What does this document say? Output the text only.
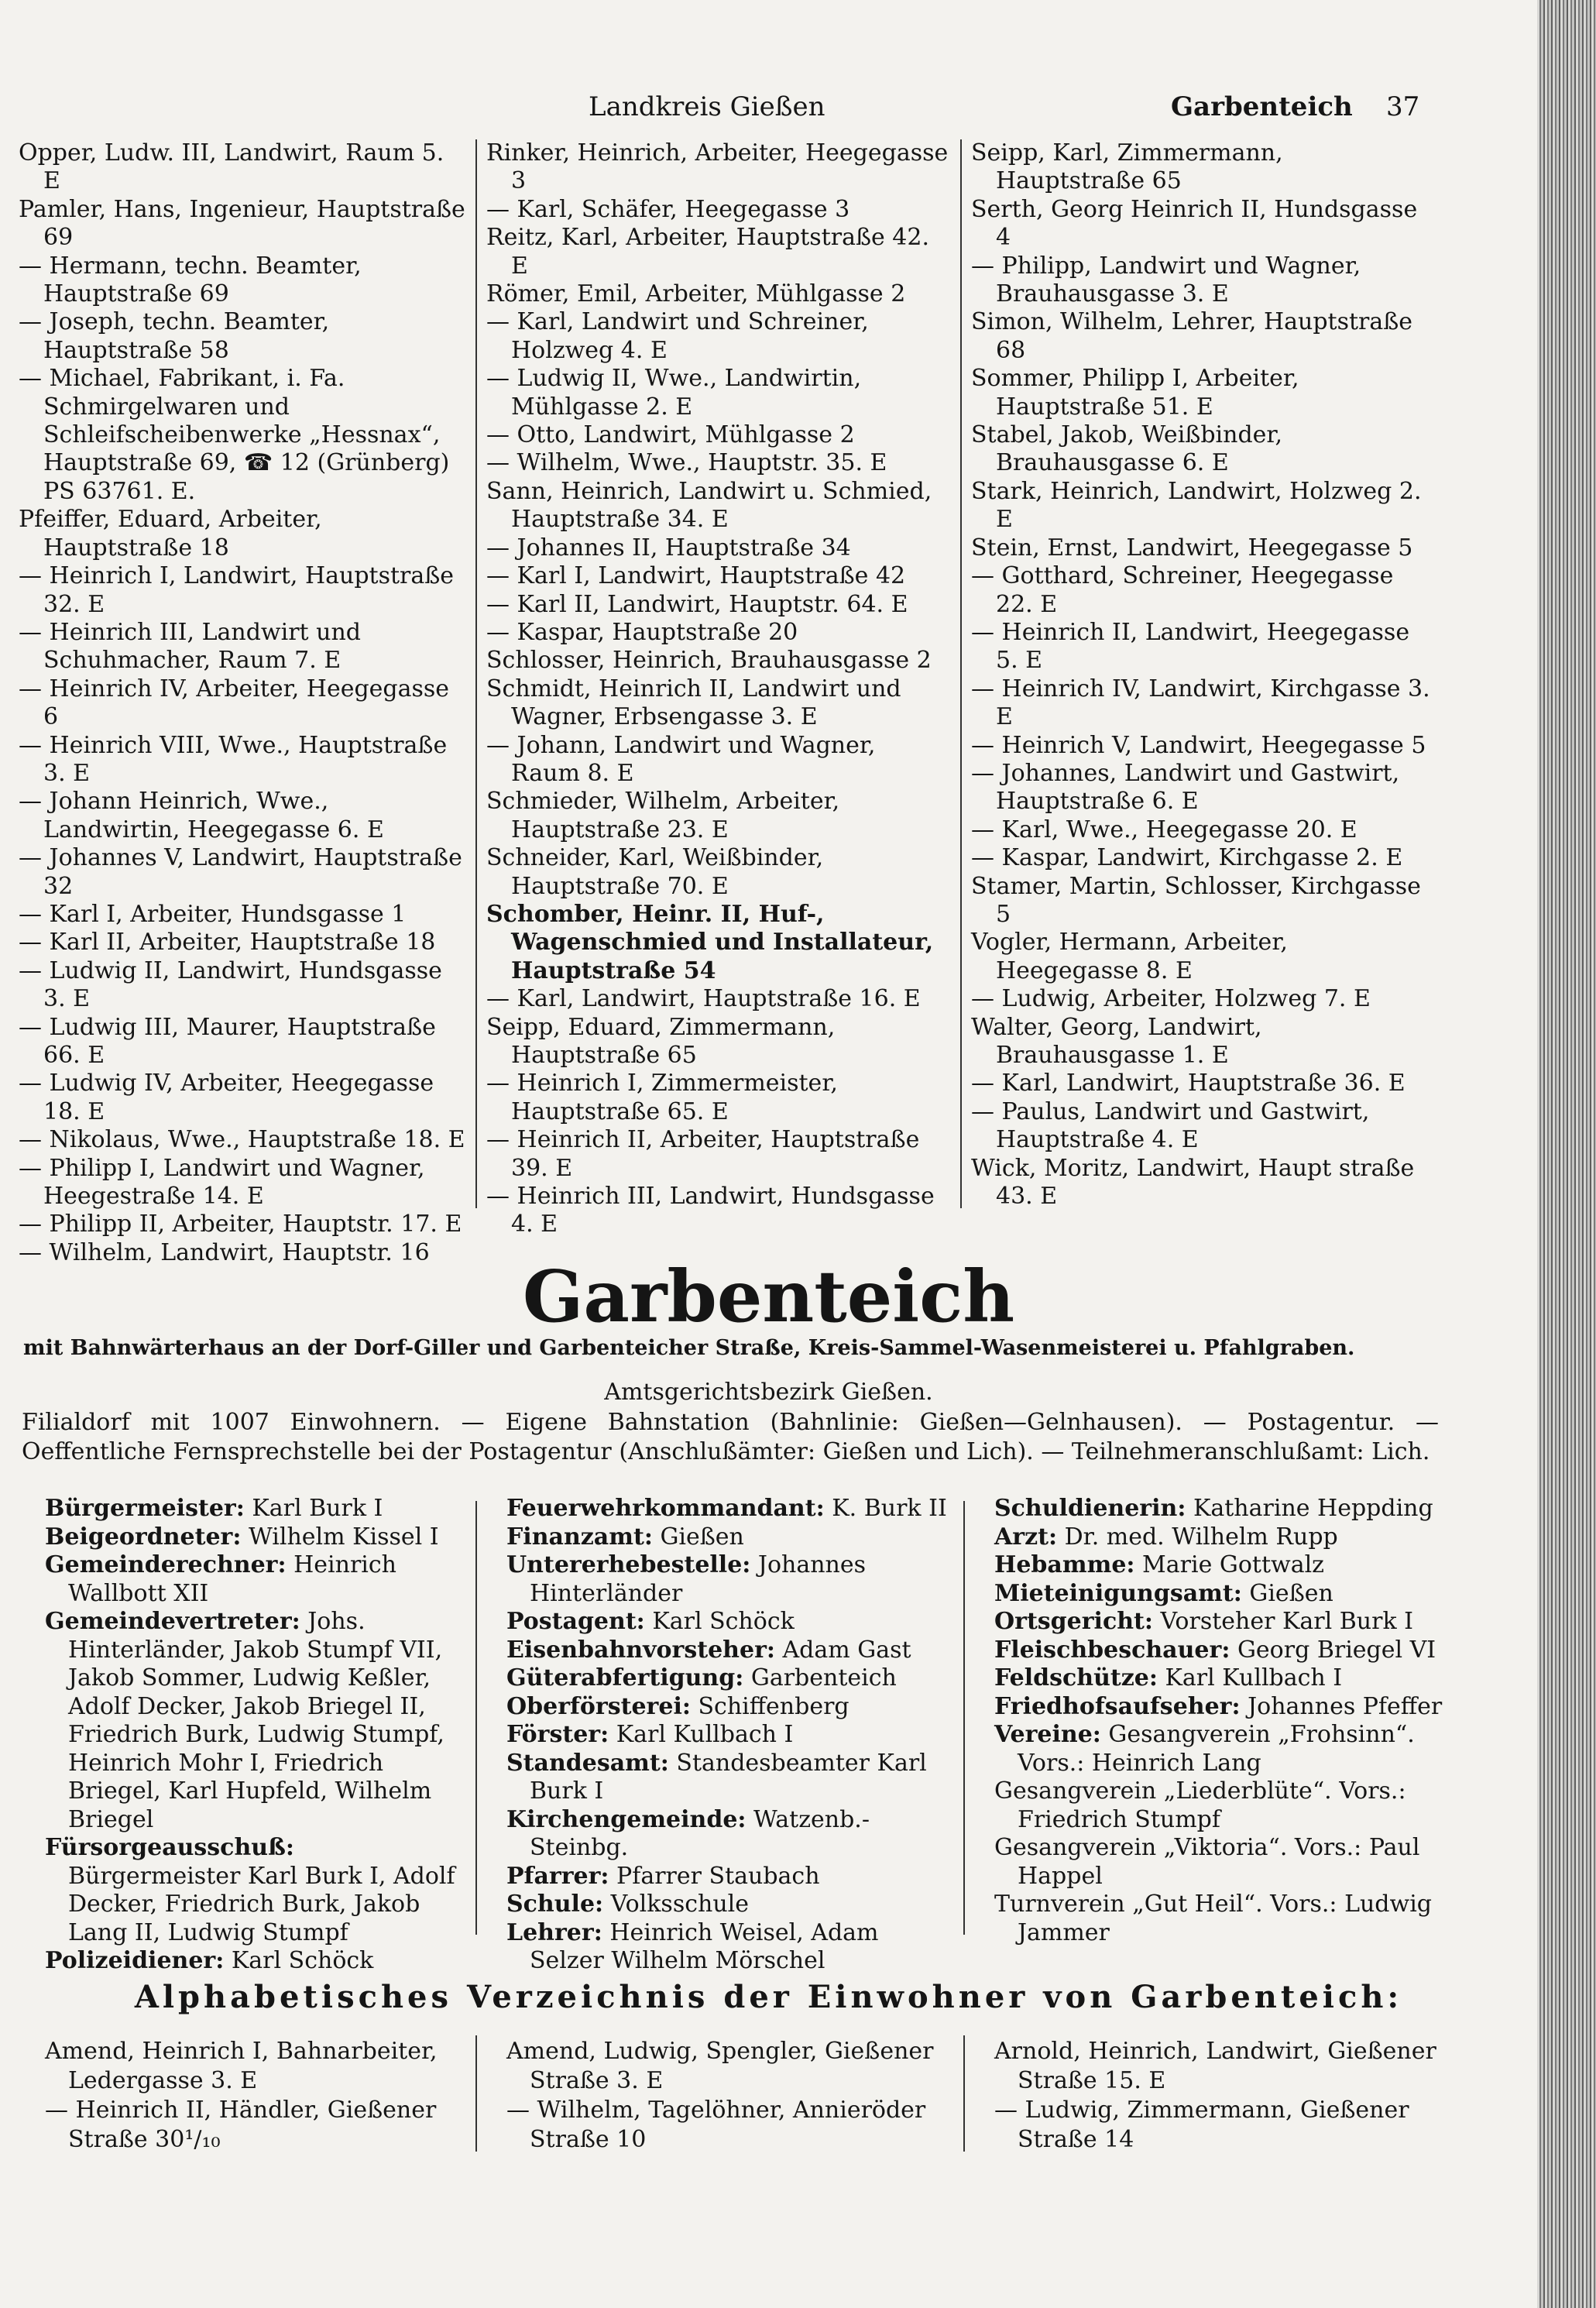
Landkreis Gießen	Garbenteich 37

Opper, Ludw. III, Landwirt, Raum 5. E

Pamler, Hans, Ingenieur, Hauptstraße 69

— Hermann, techn. Beamter, Hauptstraße 69

— Joseph, techn. Beamter, Hauptstraße 58

— Michael, Fabrikant, i. Fa. Schmirgelwaren und Schleifscheibenwerke „Hessnax“, Hauptstraße 69, ☎ 12 (Grünberg) PS 63761. E.

Pfeiffer, Eduard, Arbeiter, Hauptstraße 18

— Heinrich I, Landwirt, Hauptstraße 32. E

— Heinrich III, Landwirt und Schuhmacher, Raum 7. E

— Heinrich IV, Arbeiter, Heegegasse 6

— Heinrich VIII, Wwe., Hauptstraße 3. E

— Johann Heinrich, Wwe., Landwirtin, Heegegasse 6. E

— Johannes V, Landwirt, Hauptstraße 32

— Karl I, Arbeiter, Hundsgasse 1

— Karl II, Arbeiter, Hauptstraße 18

— Ludwig II, Landwirt, Hundsgasse 3. E

— Ludwig III, Maurer, Hauptstraße 66. E

— Ludwig IV, Arbeiter, Heegegasse 18. E

— Nikolaus, Wwe., Hauptstraße 18. E

— Philipp I, Landwirt und Wagner, Heegestraße 14. E

— Philipp II, Arbeiter, Hauptstr. 17. E

— Wilhelm, Landwirt, Hauptstr. 16

Rinker, Heinrich, Arbeiter, Heegegasse 3

— Karl, Schäfer, Heegegasse 3

Reitz, Karl, Arbeiter, Hauptstraße 42. E

Römer, Emil, Arbeiter, Mühlgasse 2

— Karl, Landwirt und Schreiner, Holzweg 4. E

— Ludwig II, Wwe., Landwirtin, Mühlgasse 2. E

— Otto, Landwirt, Mühlgasse 2

— Wilhelm, Wwe., Hauptstr. 35. E

Sann, Heinrich, Landwirt u. Schmied, Hauptstraße 34. E

— Johannes II, Hauptstraße 34

— Karl I, Landwirt, Hauptstraße 42

— Karl II, Landwirt, Hauptstr. 64. E

— Kaspar, Hauptstraße 20

Schlosser, Heinrich, Brauhausgasse 2

Schmidt, Heinrich II, Landwirt und Wagner, Erbsengasse 3. E

— Johann, Landwirt und Wagner, Raum 8. E

Schmieder, Wilhelm, Arbeiter, Hauptstraße 23. E

Schneider, Karl, Weißbinder, Hauptstraße 70. E

Schomber, Heinr. II, Huf-, Wagenschmied und Installateur, Hauptstraße 54

— Karl, Landwirt, Hauptstraße 16. E

Seipp, Eduard, Zimmermann, Hauptstraße 65

— Heinrich I, Zimmermeister, Hauptstraße 65. E

— Heinrich II, Arbeiter, Hauptstraße 39. E

— Heinrich III, Landwirt, Hundsgasse 4. E

Seipp, Karl, Zimmermann, Hauptstraße 65

Serth, Georg Heinrich II, Hundsgasse 4

— Philipp, Landwirt und Wagner, Brauhausgasse 3. E

Simon, Wilhelm, Lehrer, Hauptstraße 68

Sommer, Philipp I, Arbeiter, Hauptstraße 51. E

Stabel, Jakob, Weißbinder, Brauhausgasse 6. E

Stark, Heinrich, Landwirt, Holzweg 2. E

Stein, Ernst, Landwirt, Heegegasse 5

— Gotthard, Schreiner, Heegegasse 22. E

— Heinrich II, Landwirt, Heegegasse 5. E

— Heinrich IV, Landwirt, Kirchgasse 3. E

— Heinrich V, Landwirt, Heegegasse 5

— Johannes, Landwirt und Gastwirt, Hauptstraße 6. E

— Karl, Wwe., Heegegasse 20. E

— Kaspar, Landwirt, Kirchgasse 2. E

Stamer, Martin, Schlosser, Kirchgasse 5

Vogler, Hermann, Arbeiter, Heegegasse 8. E

— Ludwig, Arbeiter, Holzweg 7. E

Walter, Georg, Landwirt, Brauhausgasse 1. E

— Karl, Landwirt, Hauptstraße 36. E

— Paulus, Landwirt und Gastwirt, Hauptstraße 4. E

Wick, Moritz, Landwirt, Haupt straße 43. E

Garbenteich
mit Bahnwärterhaus an der Dorf-Giller und Garbenteicher Straße, Kreis-Sammel-Wasenmeisterei u. Pfahlgraben.
Amtsgerichtsbezirk Gießen.
Filialdorf mit 1007 Einwohnern. — Eigene Bahnstation (Bahnlinie: Gießen—Gelnhausen). — Postagentur. — Oeffentliche Fernsprechstelle bei der Postagentur (Anschlußämter: Gießen und Lich). — Teilnehmeranschlußamt: Lich.

Bürgermeister: Karl Burk I

Beigeordneter: Wilhelm Kissel I

Gemeinderechner: Heinrich Wallbott XII

Gemeindevertreter: Johs. Hinterländer, Jakob Stumpf VII, Jakob Sommer, Ludwig Keßler, Adolf Decker, Jakob Briegel II, Friedrich Burk, Ludwig Stumpf, Heinrich Mohr I, Friedrich Briegel, Karl Hupfeld, Wilhelm Briegel

Fürsorgeausschuß: Bürgermeister Karl Burk I, Adolf Decker, Friedrich Burk, Jakob Lang II, Ludwig Stumpf

Polizeidiener: Karl Schöck

Feuerwehrkommandant: K. Burk II

Finanzamt: Gießen

Untererhebestelle: Johannes Hinterländer

Postagent: Karl Schöck

Eisenbahnvorsteher: Adam Gast

Güterabfertigung: Garbenteich

Oberförsterei: Schiffenberg

Förster: Karl Kullbach I

Standesamt: Standesbeamter Karl Burk I

Kirchengemeinde: Watzenb.-Steinbg.

Pfarrer: Pfarrer Staubach

Schule: Volksschule

Lehrer: Heinrich Weisel, Adam Selzer Wilhelm Mörschel

Schuldienerin: Katharine Heppding

Arzt: Dr. med. Wilhelm Rupp

Hebamme: Marie Gottwalz

Mieteinigungsamt: Gießen

Ortsgericht: Vorsteher Karl Burk I

Fleischbeschauer: Georg Briegel VI

Feldschütze: Karl Kullbach I

Friedhofsaufseher: Johannes Pfeffer

Vereine: Gesangverein „Frohsinn“. Vors.: Heinrich Lang

Gesangverein „Liederblüte“. Vors.: Friedrich Stumpf

Gesangverein „Viktoria“. Vors.: Paul Happel

Turnverein „Gut Heil“. Vors.: Ludwig Jammer

Alphabetisches Verzeichnis der Einwohner von Garbenteich:

Amend, Heinrich I, Bahnarbeiter, Ledergasse 3. E

— Heinrich II, Händler, Gießener Straße 30¹/₁₀

Amend, Ludwig, Spengler, Gießener Straße 3. E

— Wilhelm, Tagelöhner, Annieröder Straße 10

Arnold, Heinrich, Landwirt, Gießener Straße 15. E

— Ludwig, Zimmermann, Gießener Straße 14
